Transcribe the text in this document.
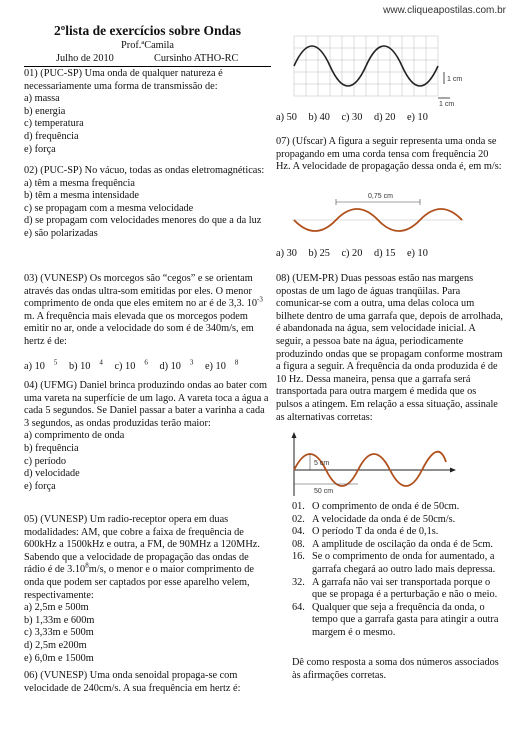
www.cliqueapostilas.com.br
2ºlista de exercícios sobre Ondas
Prof.ªCamila
Julho de 2010	Cursinho ATHO-RC

01) (PUC-SP) Uma onda de qualquer natureza é necessariamente uma forma de transmissão de:

a) massa
b) energia
c) temperatura
d) frequência
e) força

02) (PUC-SP) No vácuo, todas as ondas eletromagnéticas:

a) têm a mesma frequência
b) têm a mesma intensidade
c) se propagam com a mesma velocidade
d) se propagam com velocidades menores do que a da luz
e) são polarizadas

03) (VUNESP) Os morcegos são “cegos” e se orientam através das ondas ultra-som emitidas por eles. O menor comprimento de onda que eles emitem no ar é de 3,3. $10^{-3}$ m. A frequência mais elevada que os morcegos podem emitir no ar, onde a velocidade do som é de 340m/s, em hertz é de:

a) 10 $^5$ b) 10 $^4$ c) 10 $^6$ d) 10 $^3$ e) 10 $^8$

04) (UFMG) Daniel brinca produzindo ondas ao bater com uma vareta na superfície de um lago. A vareta toca a água a cada 5 segundos. Se Daniel passar a bater a varinha a cada 3 segundos, as ondas produzidas terão maior:

a) comprimento de onda
b) frequência
c) período
d) velocidade
e) força

05) (VUNESP) Um radio-receptor opera em duas modalidades: AM, que cobre a faixa de frequência de 600kHz a 1500kHz e outra, a FM, de 90MHz a 120MHz. Sabendo que a velocidade de propagação das ondas de rádio é de 3.10$^8$m/s, o menor e o maior comprimento de onda que podem ser captados por esse aparelho velem, respectivamente:

a) 2,5m e 500m
b) 1,33m e 600m
c) 3,33m e 500m
d) 2,5m e200m
e) 6,0m e 1500m

06) (VUNESP) Uma onda senoidal propaga-se com velocidade de 240cm/s. A sua frequência em hertz é:

1 cm
1 cm

a) 50 b) 40 c) 30 d) 20 e) 10

07) (Ufscar) A figura a seguir representa uma onda se propagando em uma corda tensa com frequência 20 Hz. A velocidade de propagação dessa onda é, em m/s:

0,75 cm

a) 30 b) 25 c) 20 d) 15 e) 10

08) (UEM-PR) Duas pessoas estão nas margens opostas de um lago de águas tranqüilas. Para comunicar-se com a outra, uma delas coloca um bilhete dentro de uma garrafa que, depois de arrolhada, é abandonada na água, sem velocidade inicial. A seguir, a pessoa bate na água, periodicamente produzindo ondas que se propagam conforme mostram a figura a seguir. A frequência da onda produzida é de 10 Hz. Dessa maneira, pensa que a garrafa será transportada para outra margem é medida que os pulsos a atingem. Em relação a essa situação, assinale as alternativas corretas:

5 cm
50 cm
01. O comprimento de onda é de 50cm.
02. A velocidade da onda é de 50cm/s.
04. O período T da onda é de 0,1s.
08. A amplitude de oscilação da onda é de 5cm.
16. Se o comprimento de onda for aumentado, a garrafa chegará ao outro lado mais depressa.
32. A garrafa não vai ser transportada porque o que se propaga é a perturbação e não o meio.
64. Qualquer que seja a frequência da onda, o tempo que a garrafa gasta para atingir a outra margem é o mesmo.
Dê como resposta a soma dos números associados às afirmações corretas.
